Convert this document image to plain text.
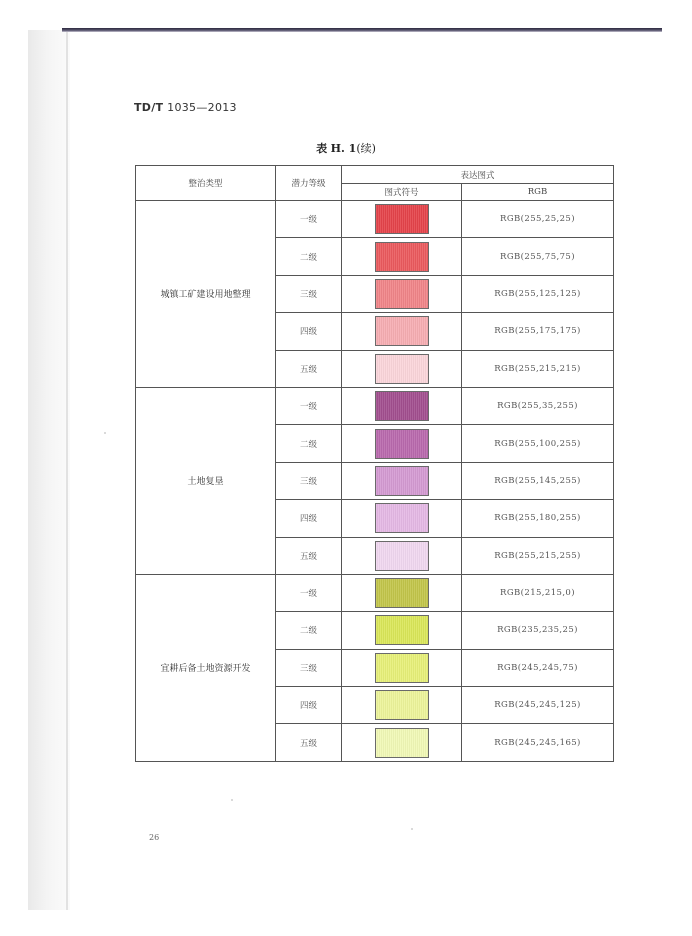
TD/T 1035—2013
表 H. 1(续)
整治类型	潜力等级	表达图式	
		图式符号	RGB
城镇工矿建设用地整理	一级		RGB(255,25,25)
	二级		RGB(255,75,75)
	三级		RGB(255,125,125)
	四级		RGB(255,175,175)
	五级		RGB(255,215,215)
土地复垦	一级		RGB(255,35,255)
	二级		RGB(255,100,255)
	三级		RGB(255,145,255)
	四级		RGB(255,180,255)
	五级		RGB(255,215,255)
宜耕后备土地资源开发	一级		RGB(215,215,0)
	二级		RGB(235,235,25)
	三级		RGB(245,245,75)
	四级		RGB(245,245,125)
	五级		RGB(245,245,165)
26
